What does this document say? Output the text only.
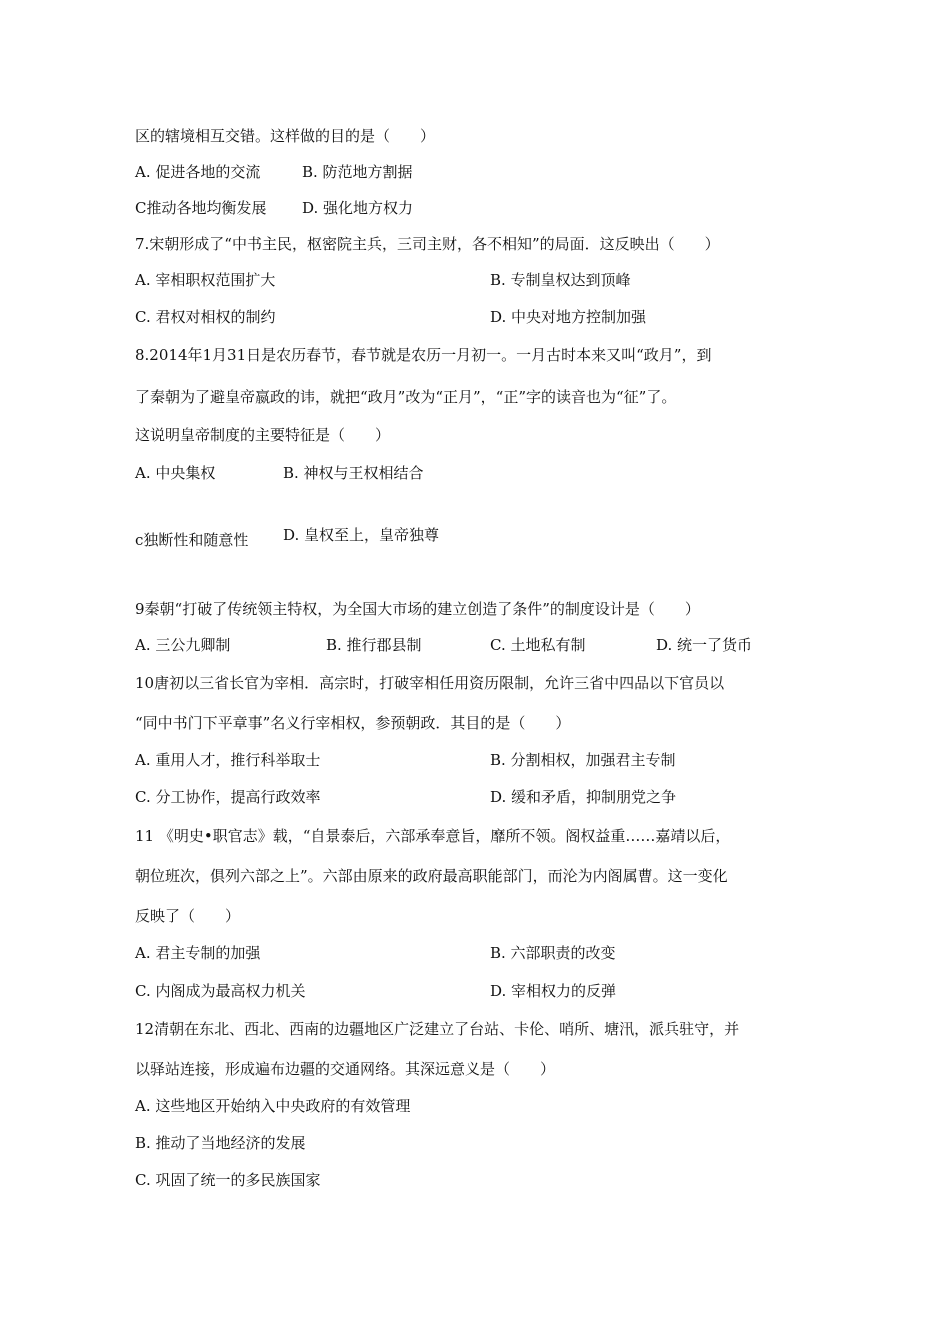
区的辖境相互交错。这样做的目的是（　　）
A. 促进各地的交流	B. 防范地方割据
C推动各地均衡发展 D. 强化地方权力
7.宋朝形成了“中书主民，枢密院主兵，三司主财，各不相知”的局面．这反映出（　　）
A. 宰相职权范围扩大	B. 专制皇权达到顶峰
C. 君权对相权的制约	D. 中央对地方控制加强
8.2014年1月31日是农历春节，春节就是农历一月初一。一月古时本来又叫“政月”，到
了秦朝为了避皇帝嬴政的讳，就把“政月”改为“正月”，“正”字的读音也为“征”了。
这说明皇帝制度的主要特征是（　　）
A. 中央集权	B. 神权与王权相结合
c独断性和随意性 D. 皇权至上，皇帝独尊
9秦朝“打破了传统领主特权，为全国大市场的建立创造了条件”的制度设计是（　　）
A. 三公九卿制	B. 推行郡县制	C. 土地私有制	D. 统一了货币
10唐初以三省长官为宰相．高宗时，打破宰相任用资历限制，允许三省中四品以下官员以
“同中书门下平章事”名义行宰相权，参预朝政．其目的是（　　）
A. 重用人才，推行科举取士	B. 分割相权，加强君主专制
C. 分工协作，提高行政效率	D. 缓和矛盾，抑制朋党之争
11 《明史•职官志》载，“自景泰后，六部承奉意旨，靡所不领。阁权益重……嘉靖以后，
朝位班次，俱列六部之上”。六部由原来的政府最高职能部门，而沦为内阁属曹。这一变化
反映了（　　）
A. 君主专制的加强	B. 六部职责的改变
C. 内阁成为最高权力机关	D. 宰相权力的反弹
12清朝在东北、西北、西南的边疆地区广泛建立了台站、卡伦、哨所、塘汛，派兵驻守，并
以驿站连接，形成遍布边疆的交通网络。其深远意义是（　　）
A. 这些地区开始纳入中央政府的有效管理
B. 推动了当地经济的发展
C. 巩固了统一的多民族国家
